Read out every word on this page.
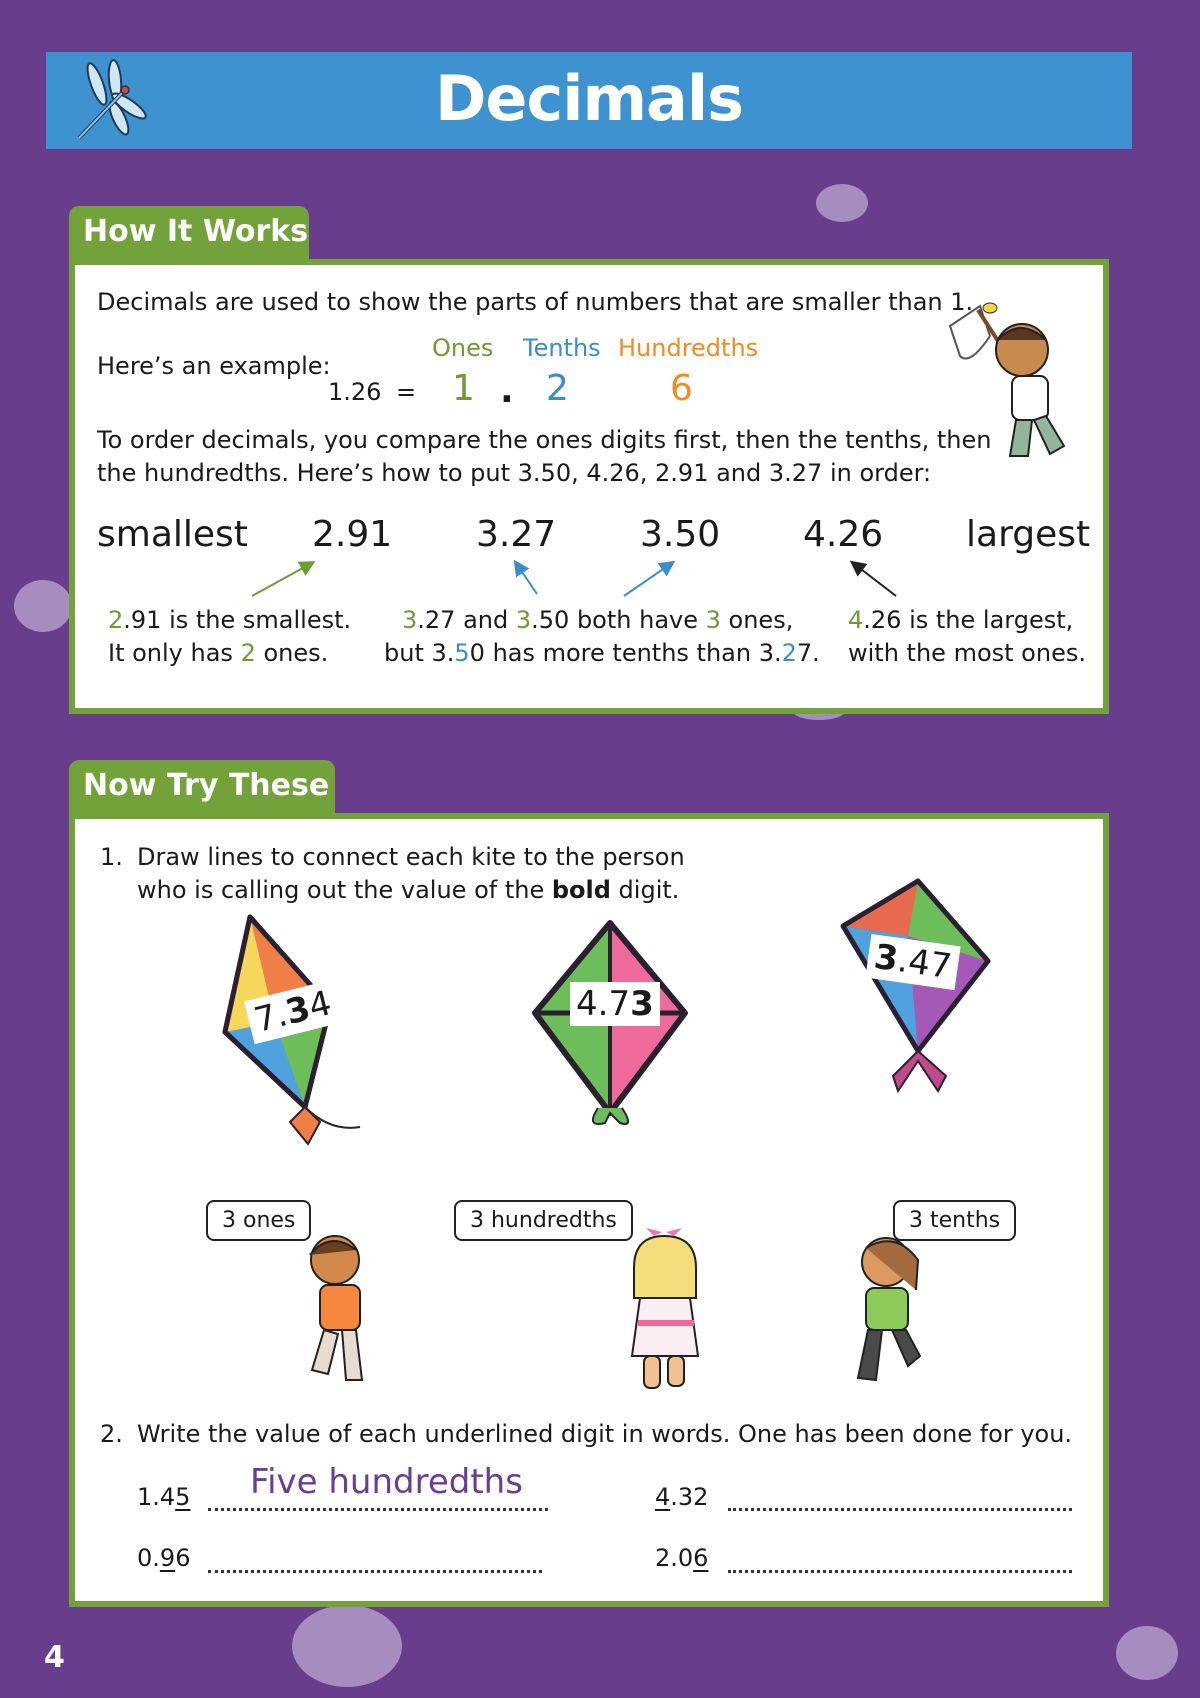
Decimals
How It Works
Decimals are used to show the parts of numbers that are smaller than 1.
Here’s an example:
Ones Tenths Hundredths
1.26 = 1 . 2	6
To order decimals, you compare the ones digits first, then the tenths, then
the hundredths. Here’s how to put 3.50, 4.26, 2.91 and 3.27 in order:
smallest 2.91 3.27 3.50 4.26 largest
2.91 is the smallest.
It only has 2 ones.
3.27 and 3.50 both have 3 ones,
but 3.50 has more tenths than 3.27.
4.26 is the largest,
with the most ones.
Now Try These
1. Draw lines to connect each kite to the person
who is calling out the value of the bold digit.
7.34	4.73
3.47
3 ones	3 hundredths	3 tenths
2. Write the value of each underlined digit in words. One has been done for you.
1.45 Five hundredths	4.32
0.96	2.06
4
